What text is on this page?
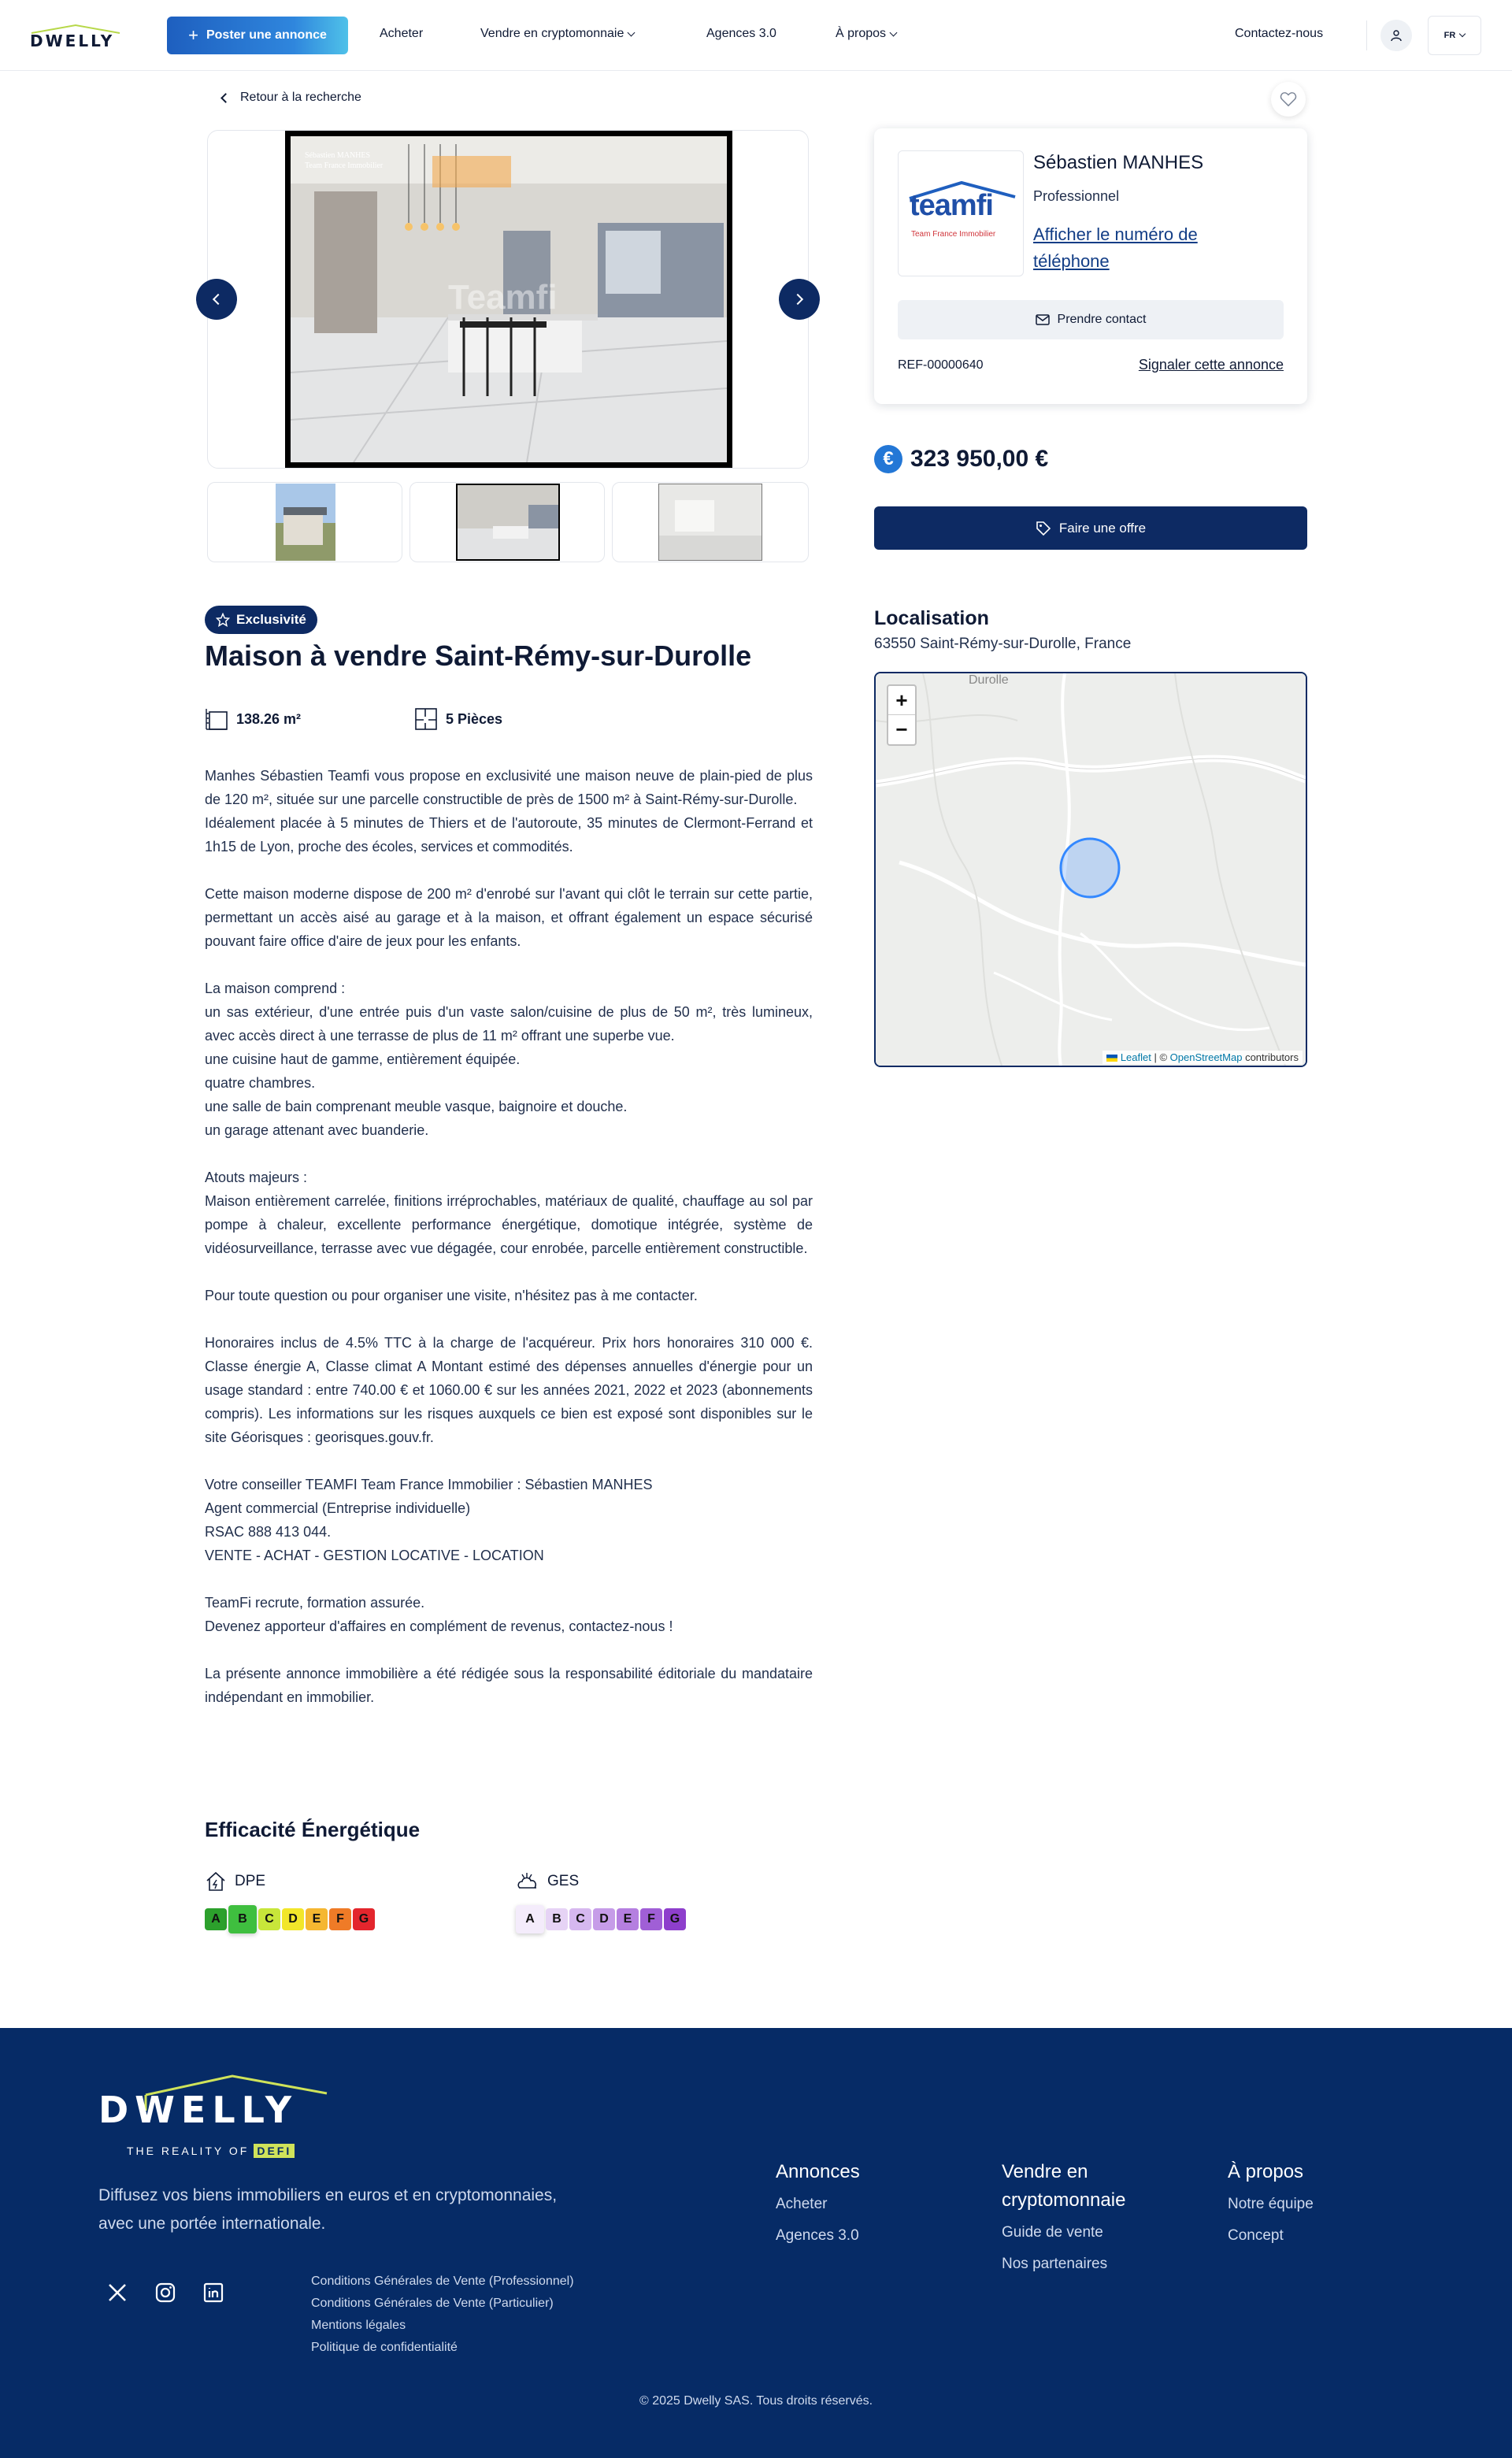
DWELLY	+ Poster une annonce	Acheter	Vendre en cryptomonnaie	Agences 3.0	À propos	Contactez-nous	FR
Retour à la recherche
Sébastien MANHES
Team France Immobilier
Teamfi
teamfi
Team France Immobilier
Sébastien MANHES
Professionnel
Afficher le numéro de téléphone
Prendre contact
REF-00000640	Signaler cette annonce
€ 323 950,00 €
Faire une offre
Localisation
63550 Saint-Rémy-sur-Durolle, France
Durolle
+
−
Leaflet | © OpenStreetMap contributors
Exclusivité
Maison à vendre Saint-Rémy-sur-Durolle
138.26 m²	5 Pièces

Manhes Sébastien Teamfi vous propose en exclusivité une maison neuve de plain-pied de plus de 120 m², située sur une parcelle constructible de près de 1500 m² à Saint-Rémy-sur-Durolle.
Idéalement placée à 5 minutes de Thiers et de l'autoroute, 35 minutes de Clermont-Ferrand et 1h15 de Lyon, proche des écoles, services et commodités.

Cette maison moderne dispose de 200 m² d'enrobé sur l'avant qui clôt le terrain sur cette partie, permettant un accès aisé au garage et à la maison, et offrant également un espace sécurisé pouvant faire office d'aire de jeux pour les enfants.

La maison comprend :
un sas extérieur, d'une entrée puis d'un vaste salon/cuisine de plus de 50 m², très lumineux, avec accès direct à une terrasse de plus de 11 m² offrant une superbe vue.
une cuisine haut de gamme, entièrement équipée.
quatre chambres.
une salle de bain comprenant meuble vasque, baignoire et douche.
un garage attenant avec buanderie.

Atouts majeurs :
Maison entièrement carrelée, finitions irréprochables, matériaux de qualité, chauffage au sol par pompe à chaleur, excellente performance énergétique, domotique intégrée, système de vidéosurveillance, terrasse avec vue dégagée, cour enrobée, parcelle entièrement constructible.

Pour toute question ou pour organiser une visite, n'hésitez pas à me contacter.

Honoraires inclus de 4.5% TTC à la charge de l'acquéreur. Prix hors honoraires 310 000 €. Classe énergie A, Classe climat A Montant estimé des dépenses annuelles d'énergie pour un usage standard : entre 740.00 € et 1060.00 € sur les années 2021, 2022 et 2023 (abonnements compris). Les informations sur les risques auxquels ce bien est exposé sont disponibles sur le site Géorisques : georisques.gouv.fr.

Votre conseiller TEAMFI Team France Immobilier : Sébastien MANHES
Agent commercial (Entreprise individuelle)
RSAC 888 413 044.
VENTE - ACHAT - GESTION LOCATIVE - LOCATION

TeamFi recrute, formation assurée.
Devenez apporteur d'affaires en complément de revenus, contactez-nous !

La présente annonce immobilière a été rédigée sous la responsabilité éditoriale du mandataire indépendant en immobilier.

Efficacité Énergétique
DPE
A	B	C	D	E	F	G
GES
A	B	C	D	E	F	G
DWELLY
THE REALITY OF DEFI
Diffusez vos biens immobiliers en euros et en cryptomonnaies, avec une portée internationale.
Conditions Générales de Vente (Professionnel)
Conditions Générales de Vente (Particulier)
Mentions légales
Politique de confidentialité
Annonces
Acheter
Agences 3.0
Vendre en cryptomonnaie
Guide de vente
Nos partenaires
À propos
Notre équipe
Concept
© 2025 Dwelly SAS. Tous droits réservés.
